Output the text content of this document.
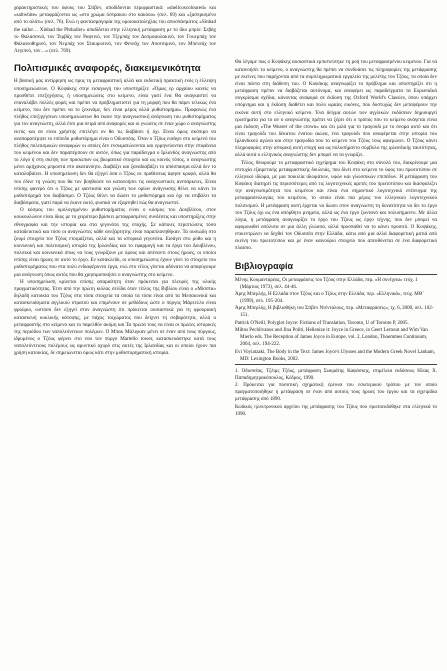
χαρακτηριστικές του ύφους του Στίβεν, αποδίδονται περιφραστικά: «shellcoscoloured» και «saltwhite» μεταφράζονται ως «στο χρώμα όστρακου στο κακόου» (σελ. 69) και «ξασπρισμένο από το αλάτι» (σελ. 76). Ενώ η φαντασμαγορία της ομοιοκαταληξίας του αποσπάσματος «Sinbad the sailor… Xinbad the Phthailer» αποδίδεται στην ελληνική μετάφραση με το ίδιο μπρίο: Σεβάχ το Θαλασσινό, τον Τεμβάχ τον Ραφτινό, τον Τζεμπάχ τον Δεσμοφυλακινό, τον Γουεμπάχ τον Φαλαινοθηρινό, τον Νεμπάχ τον Σταυρωτινό, τον Φενεάχ τον Αποτσιμινό, τον Μπενεάχ τον Λεγιπνό, τον…» (σελ. 769).

Πολιτισμικές αναφορές, διακειμενικότητα

Η βασική μας αντίρρηση ως προς τη μεταφραστική αλλά και εκδοτική πρακτική ενός η έλλειψη υποσημειώσεων. Ο Κοψάκης στην εισαγωγή του υποστηρίζει: «Όμως ερ αρχαίου κανείς να προσθέτει επεξηγήσεις, ή υποσημειώσεις στο κείμενο, είναι γιατί ένα Θα αναγκαστεί να επαναλάβει πολλές φορές και πρέπει να προβληματιστεί για τη μορφή που θα πάρει τελικώς ένα κείμενο, που δεν πρέπει να το ξεκινάμε, δεν είναι μέρος αλλά μυθιστορήμα». Προφανώς ένα πλήθος επεξηγήσεων υποσημειώσεων θα έκανε την αναγνωστική ανάγνωση του μυθιστορήματος για τον αναγνώστη, αλλά έτσι μια σειρά από αναφορές και οι γνώσεις σε έναν χώρο ο αναγνώστης εκτός και αν είναι χρήστης επιτλέγει ον θα τις διαβάσει ή όχι. Είναι όμως σκόπιμο να αναπαραπέμψει το επίπεδο μυθιστόρημα είναι ο Οδυσσέας. Όταν ο Τζόυς εισάγει στο κείμενό του πλήθος πολιτισμικών αναφορών οι οποίες δεν ενσωματώνονται και ερμηνεύονται στην επιφάνεια του κειμένου και δεν παραπέμπουν σε αυτόν, όπως για παράδειγμα ο Ιρλανδός αναγνώστης από το λόγο ή στη σκέψη των προσώπων ως βιωματικό στοιχείο και ως κοινός τόπος, ο αναγνώστης μένει αμήχανος μπροστά στο ακατανόητο. Διαβάζει και ξαναδιαβάζει το απόσπασμα αλλά δεν το καταλαβαίνει. Η υποσημείωση δεν θα εξηγεί όσα ο Τζόυς εκ προθέσεως άφησε κρυφά, αλλά θα του έδινε τη γνώση που θα τον βοηθούσε να κατανοήσει τις αναγνωστικές ανεπάρκειες. Είναι επίσης φανερό ότι ο Τζόυς με φαντασία και γνώση των ορίων ανάγνωσης θέλει να κάνει το μυθιστόρημά του διαβάσιμο. Ο Τζόυς θέλει να δώσει το μυθιστόρημα και όχι να επιβάλει τα διαβάσματα, γιατί παρά να έκανε αυτό, φυσικά να εξαρτηθεί πώς θα αναγνωστεί.

Ο κόσμος του ομολογημένου μυθιστορήματος είναι ο κόσμος του Δουβλίνου, στον κουκουλώνον είναι ίδιος με το χειρότερο βρίσκει μεταφρασμένες συνδέσεις και υποστηρίξεις στην εθνογραφία και την ιστορία και στα γεγονότα της εποχής. Σε κάποιες περιπτώσεις τόσο καταδεικτικά και τόσο οι αναγνώστες κάθε ανεξάρτητης είναι παραπλανηθήκαν. Τα ουσιώδη στο ζουμί στοιχείο τον Τζόυς ετοιμάζεται, αλλά και τα ιστορικά γεγονότα. Εισάγει στο μύθο και η κοινωνική και πολιτισμική ιστορία της Ιρλανδίας και το εφαρμογή και τα έργα του Δουβλίνου, πολιτικά και κοινωνικά όπως να τους γνωρίζουν με όρους και απέναντι στους ήρωες, οι οποίοι επίσης είναι ήρωες σε αυτό το έργο. Εν κατακλείδι, οι υποσημειώσεις έχουν γίνει το στοιχείο του μυθιστορήματος που στα πολύ ενδιαφέροντα έργα, ενώ στο τέλος γίνεται αδύνατο να αποφύγουμε μια ανάγνωση όπως αυτός που θα χρησιμοποιήσει ο αναγνώστης στο κείμενο.

Η υποσημείωση κρίνεται επίσης απαραίτητη όταν πρόκειται για πλευρές της υλικής πραγματικότητας. Έτσι από την πρώτη κιόλας σελίδα όταν τίτλος της Βιβλίου είναι ο «Μίσστα» δηλαδή κατοικία του Τζόυς στα τόσα στοιχεία τα οποία τα τόσα είναι από τα Μεσαιωνικά και κατασκευάσματα αγγλικού στρατού και επιμένουν σε μεθόδους ώστε ο πύργος Μάρτελλο είναι φρούριο, ωστόσο δεν εξηγεί στον αναγνώστη ότι πρόκειται ουσιαστικά για τη φρουριακή κατασκευή κυκλικής κάτοψης, με πάχος τοιχώματος που δείχνει τη σοβαρότητα, αλλά ο μεταφραστής στο κείμενο και το παρελθόν ακόμη και Τα πρώτα τους να είναι οι πρώτες ιστορικές της περιόδου των ναπολεόντειων πολέμων. Ο Μπακ Μάλιγκαν μένει σε έναν από τους πύργους, ιδρυμένος ο Τζόυς φέρνει στο νου τον πύργο Martello tower, κατασκευάστηκε κατά τους ναπολεόντειους πολέμους ως αμυντικό οχυρό στις ακτές της Ιρλανδίας και οι οποίοι έχουν πια χρήση κατοικίας, δε σημειώνεται όμως κάτι στην μυθιστορηματική ιστορία.

Θα λέγαμε πως ο Κοψάκης αυσιαστικά εμπιστεύτηκε τη ροή του μεταφρασμένου κειμένου. Για να κατανοήσει το κείμενο, ο αναγνώστης θα πρέπει να συνδυάσει τις πληροφορίες της μετάφρασης με εκείνες που παρέχονται από τα συμπληρωματικά εργαλεία της μελέτης του Τζόυς, τα οποία δεν είναι πάντα στη διάθεση του. Ο Κοψάκης αναγνωρίζει το πρόβλημα και υποστηρίζει ότι η μετάφραση πρέπει να διαβάζεται αυτόνομα, και αναφέρει ως παραδείγματα τα Ευρωπαϊκά συγκρίσιμα σχέδια, κάνοντας αναφορά σε έκδοση της Oxford World's Classics, όπου υπάρχει υπόμνημα και η έκδοση διαθέτει και πολύ ωραίες εικόνες, που δυστυχώς δεν μεταφέρουν την εικόνα αυτή στο ελληνικό κείμενο. Ένα δείγμα αυτών των αγγλικών εκδόσεων δημιουργεί ερωτήματα για το αν ο αναγνώστης πρέπει να ξέρει ότι ο τρόπος που το κείμενο ανάγεται είναι μια έκδοση «The Wearer of the crown» και ότι μιλά για το τραγούδι με το όνομα αυτό και ότι είναι τραγούδι του δέκατου ένατου αιώνα, ένα τραγούδι που αναφέρεται στην ιστορία του Ιρλανδικού αγώνα και στην τραγωδία που το κείμενο του Τζόυς τους αφιερώνει. Ο Τζόυς κάνει πληροφορίες στην ιστορική αυτή εποχή και ως πολυσήμαντο σύμβολο της ιρλανδικής ταυτότητας, αλλά αυτά ο ελληνικός αναγνώστης δεν μπορεί να τα γνωρίζει.

Τέλος, θεωρούμε το μεταφραστικό εγχείρημα του Κοψάκη στο σύνολό του, διακρίνουμε μια επιτυχία εξαιρετικής μεταφραστικής δουλειάς, που δίνει στο κείμενο το ύφος του πρωτοτύπου σε ελληνικό ιδίωμα, με μια ποικιλία ιδιωμάτων, υφών και γλωσσικών επιπέδων. Η μετάφραση του Κοψάκη διατηρεί τις περισσότερες από τις λογοτεχνικές αρετές του πρωτοτύπου και διασφαλίζει την αναγνωσιμότητα του κειμένου και είναι ένα σημαντικό λογοτεχνικό επίτευγμα της μεταφρασεολογίας του κειμένου, το οποίο είναι πια μέρος του ελληνικού λογοτεχνικού πολιτισμού. Η μετάφραση αυτή έρχεται να δώσει στον αναγνώστη τη δυνατότητα να δει το έργο του Τζόυς όχι ως ένα απόρθητο μνημείο, αλλά ως ένα έργο ζωντανό και πολυσήμαντο. Με άλλα λόγια, η μετάφραση αναγνωρίζει το έργο του Τζόυς ως έργο τέχνης, που δεν μπορεί να αφομοιωθεί απόλυτα σε μια άλλη γλώσσα, αλλά προσπαθεί να το κάνει προσιτό. Ο Κοψάκης, επικεντρώνει να δεχθεί τον Οδυσσέα στην Ελλάδα, κάτω από μια αλλά διαφορετική ματιά από εκείνη του πρωτοτύπου και με έναν καινούριο στοιχείο που απευθύνεται σε ένα διαφορετικό πλαίσιο.

Βιβλιογραφία

Μένης Κουμανταρέας, Οι μεταφράσεις του Τζόυς στην Ελλάδα, περ. «Η συνέχεια» τεύχ. 1 (Μάρτιος 1973), σελ. 44-46.

Άρης Μπερλής, Η Ελλάδα στον Τζόυς και ο Τζόυς στην Ελλάδα, περ. «Ελληνικά», τεύχ. ΜΘ΄ (1999), σελ. 195-204.

Άρης Μπερλής, Η βιβλιοθήκη του Στίβεν Ντένταλους, περ. «Μεταφράσεις», τχ. 6, 2000, σελ. 102-151.

Patrick O'Neill, Polyglot Joyce: Fictions of Translation, Toronto, U of Toronto P, 2005.

Miltos Pechlivanos and Jina Politi, Hellenize it: Joyce in Greece, in Geert Lernout and Wim Van Mierlo eds. The Reception of James Joyce in Europe, vol. 2, London, Thoemmes Continuum, 2004, σελ. 194-222.

Evi Voyiatzaki, The Body in the Text: James Joyce's Ulysses and the Modern Greek Novel Lanham, MD: Lexington Books, 2002.

1. Οδυσσέας, Τζέιμς Τζόυς, μετάφραση Σωκράτης Καψάσκης, επιμέλεια εκδόσεως Ηλίας Χ. Παπαδημητρακόπουλος, Κέδρος, 1990.

2. Πρόκειται για ποσοτική σχηματική έρευνα του εσωτερικού τρόπου με τον οποίο πραγματοποιήθηκε η μετάφραση σε έναν από αυτούς τους ήρωες του έργου και τα εγχειρίδια μετάφρασης από 1890.

Κωδικός ηλεκτρονικού αρχείου της μετάφρασης του Τζόυς που πρωτοεκδόθηκε στα ελληνικά το 1990.
